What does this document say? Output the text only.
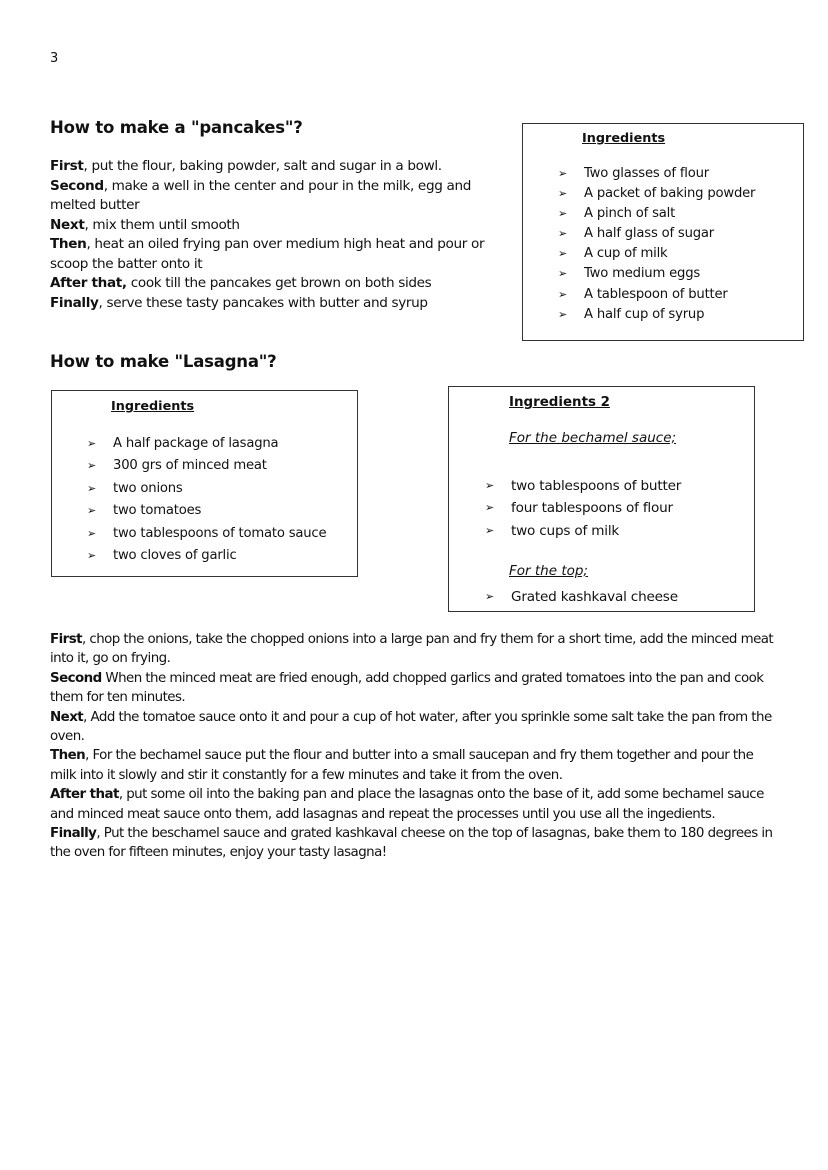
3
How to make a "pancakes"?
First, put the flour, baking powder, salt and sugar in a bowl.
Second, make a well in the center and pour in the milk, egg and melted butter
Next, mix them until smooth
Then, heat an oiled frying pan over medium high heat and pour or scoop the batter onto it
After that, cook till the pancakes get brown on both sides
Finally, serve these tasty pancakes with butter and syrup
Ingredients
➢ Two glasses of flour
➢ A packet of baking powder
➢ A pinch of salt
➢ A half glass of sugar
➢ A cup of milk
➢ Two medium eggs
➢ A tablespoon of butter
➢ A half cup of syrup
How to make "Lasagna"?
Ingredients
➢ A half package of lasagna
➢ 300 grs of minced meat
➢ two onions
➢ two tomatoes
➢ two tablespoons of tomato sauce
➢ two cloves of garlic
Ingredients 2
For the bechamel sauce;
➢ two tablespoons of butter
➢ four tablespoons of flour
➢ two cups of milk
For the top;
➢ Grated kashkaval cheese
First, chop the onions, take the chopped onions into a large pan and fry them for a short time, add the minced meat into it, go on frying.
Second When the minced meat are fried enough, add chopped garlics and grated tomatoes into the pan and cook them for ten minutes.
Next, Add the tomatoe sauce onto it and pour a cup of hot water, after you sprinkle some salt take the pan from the oven.
Then, For the bechamel sauce put the flour and butter into a small saucepan and fry them together and pour the milk into it slowly and stir it constantly for a few minutes and take it from the oven.
After that, put some oil into the baking pan and place the lasagnas onto the base of it, add some bechamel sauce and minced meat sauce onto them, add lasagnas and repeat the processes until you use all the ingedients.
Finally, Put the beschamel sauce and grated kashkaval cheese on the top of lasagnas, bake them to 180 degrees in the oven for fifteen minutes, enjoy your tasty lasagna!
